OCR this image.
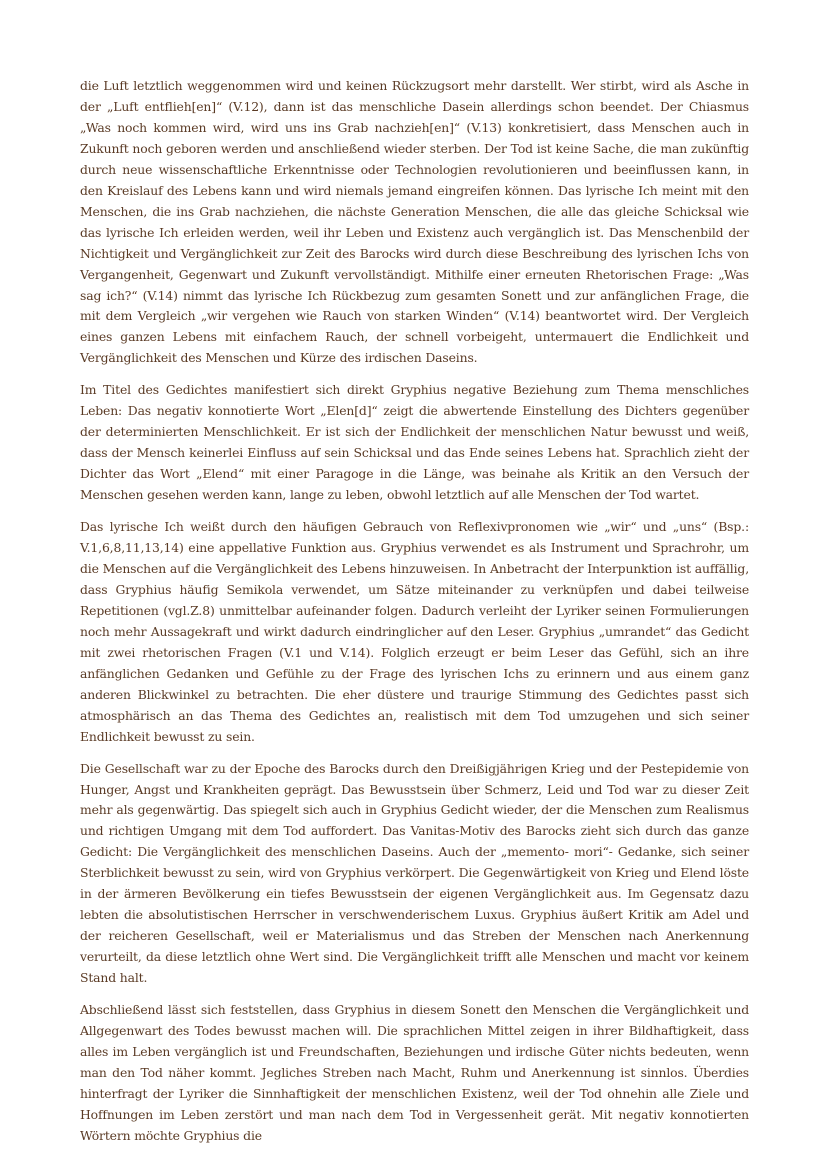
die Luft letztlich weggenommen wird und keinen Rückzugsort mehr darstellt. Wer stirbt, wird als Asche in der „Luft entflieh[en]“ (V.12), dann ist das menschliche Dasein allerdings schon beendet. Der Chiasmus „Was noch kommen wird, wird uns ins Grab nachzieh[en]“ (V.13) konkretisiert, dass Menschen auch in Zukunft noch geboren werden und anschließend wieder sterben. Der Tod ist keine Sache, die man zukünftig durch neue wissenschaftliche Erkenntnisse oder Technologien revolutionieren und beeinflussen kann, in den Kreislauf des Lebens kann und wird niemals jemand eingreifen können. Das lyrische Ich meint mit den Menschen, die ins Grab nachziehen, die nächste Generation Menschen, die alle das gleiche Schicksal wie das lyrische Ich erleiden werden, weil ihr Leben und Existenz auch vergänglich ist. Das Menschenbild der Nichtigkeit und Vergänglichkeit zur Zeit des Barocks wird durch diese Beschreibung des lyrischen Ichs von Vergangenheit, Gegenwart und Zukunft vervollständigt. Mithilfe einer erneuten Rhetorischen Frage: „Was sag ich?“ (V.14) nimmt das lyrische Ich Rückbezug zum gesamten Sonett und zur anfänglichen Frage, die mit dem Vergleich „wir vergehen wie Rauch von starken Winden“ (V.14) beantwortet wird. Der Vergleich eines ganzen Lebens mit einfachem Rauch, der schnell vorbeigeht, untermauert die Endlichkeit und Vergänglichkeit des Menschen und Kürze des irdischen Daseins.

Im Titel des Gedichtes manifestiert sich direkt Gryphius negative Beziehung zum Thema menschliches Leben: Das negativ konnotierte Wort „Elen[d]“ zeigt die abwertende Einstellung des Dichters gegenüber der determinierten Menschlichkeit. Er ist sich der Endlichkeit der menschlichen Natur bewusst und weiß, dass der Mensch keinerlei Einfluss auf sein Schicksal und das Ende seines Lebens hat. Sprachlich zieht der Dichter das Wort „Elend“ mit einer Paragoge in die Länge, was beinahe als Kritik an den Versuch der Menschen gesehen werden kann, lange zu leben, obwohl letztlich auf alle Menschen der Tod wartet.

Das lyrische Ich weißt durch den häufigen Gebrauch von Reflexivpronomen wie „wir“ und „uns“ (Bsp.: V.1,6,8,11,13,14) eine appellative Funktion aus. Gryphius verwendet es als Instrument und Sprachrohr, um die Menschen auf die Vergänglichkeit des Lebens hinzuweisen. In Anbetracht der Interpunktion ist auffällig, dass Gryphius häufig Semikola verwendet, um Sätze miteinander zu verknüpfen und dabei teilweise Repetitionen (vgl.Z.8) unmittelbar aufeinander folgen. Dadurch verleiht der Lyriker seinen Formulierungen noch mehr Aussagekraft und wirkt dadurch eindringlicher auf den Leser. Gryphius „umrandet“ das Gedicht mit zwei rhetorischen Fragen (V.1 und V.14). Folglich erzeugt er beim Leser das Gefühl, sich an ihre anfänglichen Gedanken und Gefühle zu der Frage des lyrischen Ichs zu erinnern und aus einem ganz anderen Blickwinkel zu betrachten. Die eher düstere und traurige Stimmung des Gedichtes passt sich atmosphärisch an das Thema des Gedichtes an, realistisch mit dem Tod umzugehen und sich seiner Endlichkeit bewusst zu sein.

Die Gesellschaft war zu der Epoche des Barocks durch den Dreißigjährigen Krieg und der Pestepidemie von Hunger, Angst und Krankheiten geprägt. Das Bewusstsein über Schmerz, Leid und Tod war zu dieser Zeit mehr als gegenwärtig. Das spiegelt sich auch in Gryphius Gedicht wieder, der die Menschen zum Realismus und richtigen Umgang mit dem Tod auffordert. Das Vanitas-Motiv des Barocks zieht sich durch das ganze Gedicht: Die Vergänglichkeit des menschlichen Daseins. Auch der „memento- mori“- Gedanke, sich seiner Sterblichkeit bewusst zu sein, wird von Gryphius verkörpert. Die Gegenwärtigkeit von Krieg und Elend löste in der ärmeren Bevölkerung ein tiefes Bewusstsein der eigenen Vergänglichkeit aus. Im Gegensatz dazu lebten die absolutistischen Herrscher in verschwenderischem Luxus. Gryphius äußert Kritik am Adel und der reicheren Gesellschaft, weil er Materialismus und das Streben der Menschen nach Anerkennung verurteilt, da diese letztlich ohne Wert sind. Die Vergänglichkeit trifft alle Menschen und macht vor keinem Stand halt.

Abschließend lässt sich feststellen, dass Gryphius in diesem Sonett den Menschen die Vergänglichkeit und Allgegenwart des Todes bewusst machen will. Die sprachlichen Mittel zeigen in ihrer Bildhaftigkeit, dass alles im Leben vergänglich ist und Freundschaften, Beziehungen und irdische Güter nichts bedeuten, wenn man den Tod näher kommt. Jegliches Streben nach Macht, Ruhm und Anerkennung ist sinnlos. Überdies hinterfragt der Lyriker die Sinnhaftigkeit der menschlichen Existenz, weil der Tod ohnehin alle Ziele und Hoffnungen im Leben zerstört und man nach dem Tod in Vergessenheit gerät. Mit negativ konnotierten Wörtern möchte Gryphius die
